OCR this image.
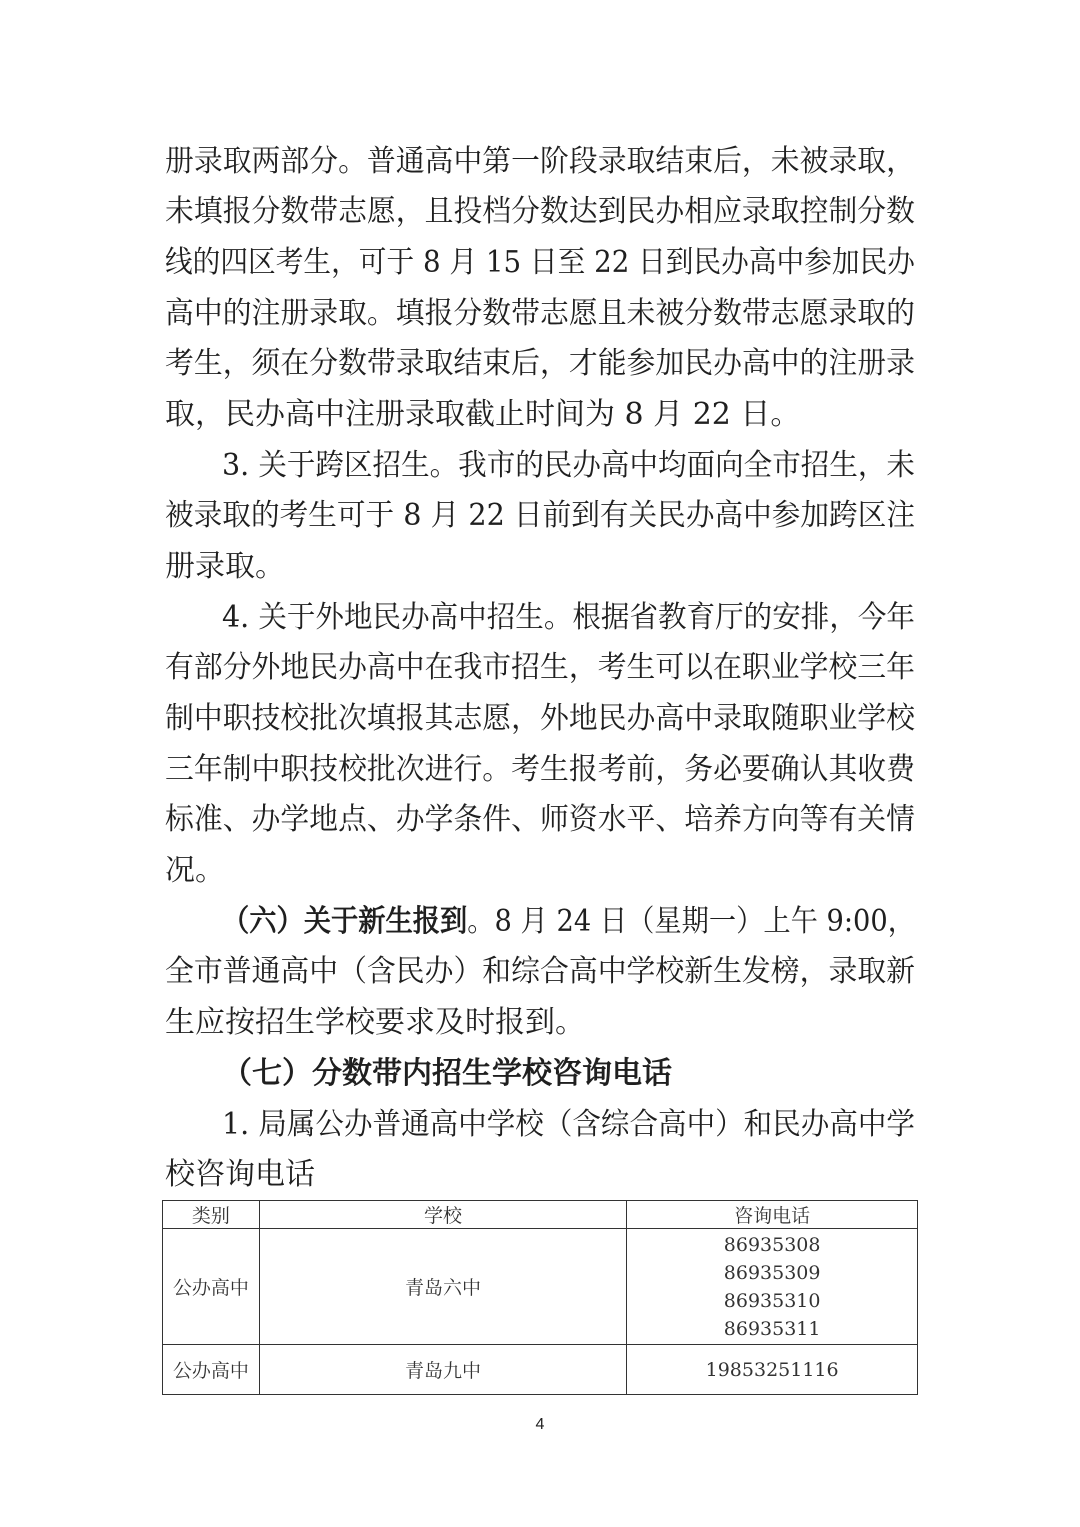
册录取两部分。普通高中第一阶段录取结束后，未被录取，
未填报分数带志愿，且投档分数达到民办相应录取控制分数
线的四区考生，可于 8 月 15 日至 22 日到民办高中参加民办
高中的注册录取。填报分数带志愿且未被分数带志愿录取的
考生，须在分数带录取结束后，才能参加民办高中的注册录
取，民办高中注册录取截止时间为 8 月 22 日。
3. 关于跨区招生。我市的民办高中均面向全市招生，未
被录取的考生可于 8 月 22 日前到有关民办高中参加跨区注
册录取。
4. 关于外地民办高中招生。根据省教育厅的安排，今年
有部分外地民办高中在我市招生，考生可以在职业学校三年
制中职技校批次填报其志愿，外地民办高中录取随职业学校
三年制中职技校批次进行。考生报考前，务必要确认其收费
标准、办学地点、办学条件、师资水平、培养方向等有关情
况。
（六）关于新生报到。8 月 24 日（星期一）上午 9:00，
全市普通高中（含民办）和综合高中学校新生发榜，录取新
生应按招生学校要求及时报到。
（七）分数带内招生学校咨询电话
1. 局属公办普通高中学校（含综合高中）和民办高中学
校咨询电话
类别	学校	咨询电话
公办高中	青岛六中	86935308
86935309
86935310
86935311

公办高中	青岛九中	19853251116
4
